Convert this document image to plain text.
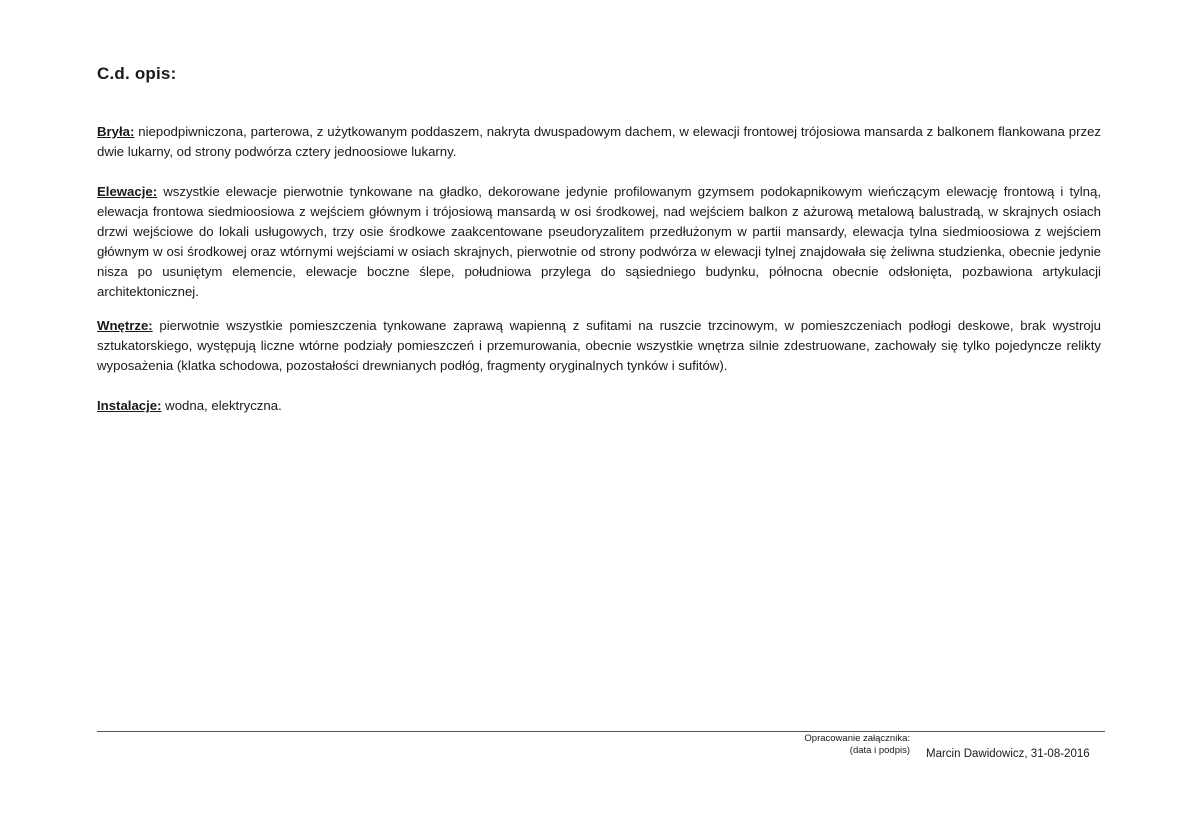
C.d. opis:

Bryła: niepodpiwniczona, parterowa, z użytkowanym poddaszem, nakryta dwuspadowym dachem, w elewacji frontowej trójosiowa mansarda z balkonem flankowana przez dwie lukarny, od strony podwórza cztery jednoosiowe lukarny.

Elewacje: wszystkie elewacje pierwotnie tynkowane na gładko, dekorowane jedynie profilowanym gzymsem podokapnikowym wieńczącym elewację frontową i tylną, elewacja frontowa siedmioosiowa z wejściem głównym i trójosiową mansardą w osi środkowej, nad wejściem balkon z ażurową metalową balustradą, w skrajnych osiach drzwi wejściowe do lokali usługowych, trzy osie środkowe zaakcentowane pseudoryzalitem przedłużonym w partii mansardy, elewacja tylna siedmioosiowa z wejściem głównym w osi środkowej oraz wtórnymi wejściami w osiach skrajnych, pierwotnie od strony podwórza w elewacji tylnej znajdowała się żeliwna studzienka, obecnie jedynie nisza po usuniętym elemencie, elewacje boczne ślepe, południowa przylega do sąsiedniego budynku, północna obecnie odsłonięta, pozbawiona artykulacji architektonicznej.

Wnętrze: pierwotnie wszystkie pomieszczenia tynkowane zaprawą wapienną z sufitami na ruszcie trzcinowym, w pomieszczeniach podłogi deskowe, brak wystroju sztukatorskiego, występują liczne wtórne podziały pomieszczeń i przemurowania, obecnie wszystkie wnętrza silnie zdestruowane, zachowały się tylko pojedyncze relikty wyposażenia (klatka schodowa, pozostałości drewnianych podłóg, fragmenty oryginalnych tynków i sufitów).

Instalacje: wodna, elektryczna.

Opracowanie załącznika:
(data i podpis) Marcin Dawidowicz, 31-08-2016
